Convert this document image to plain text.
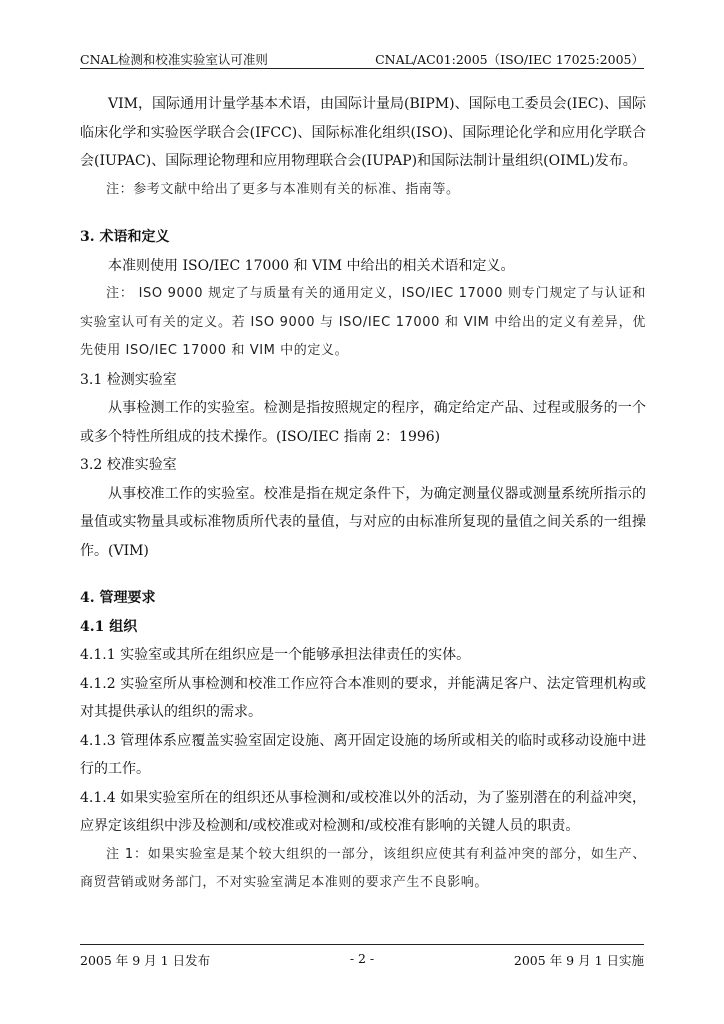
CNAL检测和校准实验室认可准则	CNAL/AC01:2005（ISO/IEC 17025:2005）

VIM，国际通用计量学基本术语，由国际计量局(BIPM)、国际电工委员会(IEC)、国际临床化学和实验医学联合会(IFCC)、国际标准化组织(ISO)、国际理论化学和应用化学联合会(IUPAC)、国际理论物理和应用物理联合会(IUPAP)和国际法制计量组织(OIML)发布。

注：参考文献中给出了更多与本准则有关的标准、指南等。

3. 术语和定义

本准则使用 ISO/IEC 17000 和 VIM 中给出的相关术语和定义。

注： ISO 9000 规定了与质量有关的通用定义，ISO/IEC 17000 则专门规定了与认证和实验室认可有关的定义。若 ISO 9000 与 ISO/IEC 17000 和 VIM 中给出的定义有差异，优先使用 ISO/IEC 17000 和 VIM 中的定义。

3.1 检测实验室

从事检测工作的实验室。检测是指按照规定的程序，确定给定产品、过程或服务的一个或多个特性所组成的技术操作。(ISO/IEC 指南 2：1996)

3.2 校准实验室

从事校准工作的实验室。校准是指在规定条件下，为确定测量仪器或测量系统所指示的量值或实物量具或标准物质所代表的量值，与对应的由标准所复现的量值之间关系的一组操作。(VIM)

4. 管理要求

4.1 组织

4.1.1 实验室或其所在组织应是一个能够承担法律责任的实体。

4.1.2 实验室所从事检测和校准工作应符合本准则的要求，并能满足客户、法定管理机构或对其提供承认的组织的需求。

4.1.3 管理体系应覆盖实验室固定设施、离开固定设施的场所或相关的临时或移动设施中进行的工作。

4.1.4 如果实验室所在的组织还从事检测和/或校准以外的活动，为了鉴别潜在的利益冲突，应界定该组织中涉及检测和/或校准或对检测和/或校准有影响的关键人员的职责。

注 1：如果实验室是某个较大组织的一部分，该组织应使其有利益冲突的部分，如生产、商贸营销或财务部门，不对实验室满足本准则的要求产生不良影响。

2005 年 9 月 1 日发布	- 2 -	2005 年 9 月 1 日实施
